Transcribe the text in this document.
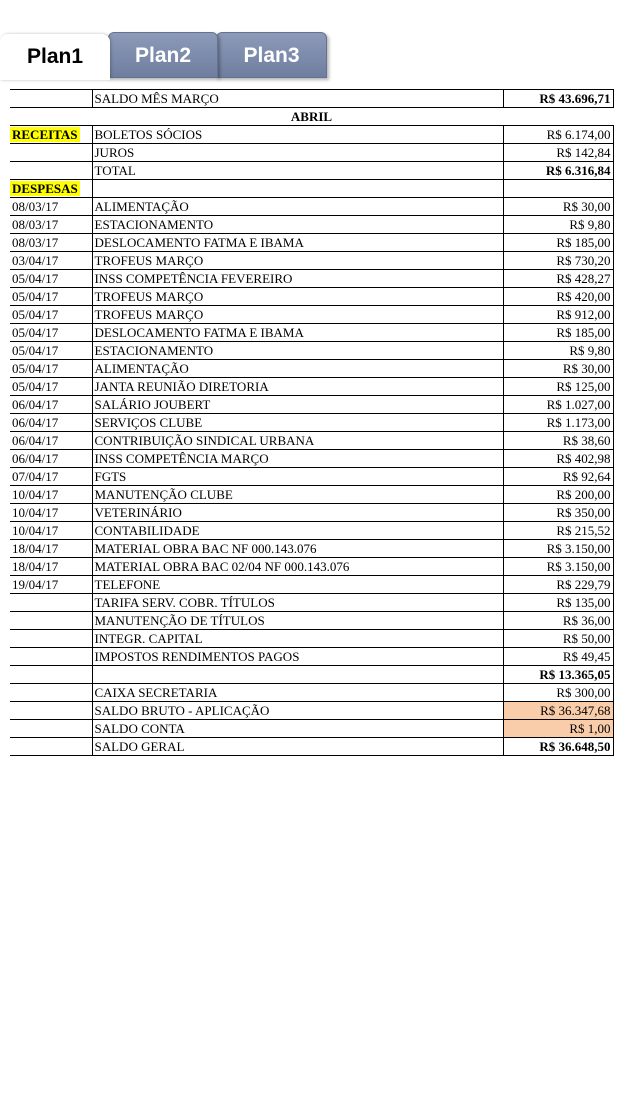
Plan1	Plan2	Plan3
	SALDO MÊS MARÇO	R$ 43.696,71
ABRIL		
RECEITAS	BOLETOS SÓCIOS	R$ 6.174,00
	JUROS	R$ 142,84
	TOTAL	R$ 6.316,84
DESPESAS		
08/03/17	ALIMENTAÇÃO	R$ 30,00
08/03/17	ESTACIONAMENTO	R$ 9,80
08/03/17	DESLOCAMENTO FATMA E IBAMA	R$ 185,00
03/04/17	TROFEUS MARÇO	R$ 730,20
05/04/17	INSS COMPETÊNCIA FEVEREIRO	R$ 428,27
05/04/17	TROFEUS MARÇO	R$ 420,00
05/04/17	TROFEUS MARÇO	R$ 912,00
05/04/17	DESLOCAMENTO FATMA E IBAMA	R$ 185,00
05/04/17	ESTACIONAMENTO	R$ 9,80
05/04/17	ALIMENTAÇÃO	R$ 30,00
05/04/17	JANTA REUNIÃO DIRETORIA	R$ 125,00
06/04/17	SALÁRIO JOUBERT	R$ 1.027,00
06/04/17	SERVIÇOS CLUBE	R$ 1.173,00
06/04/17	CONTRIBUIÇÃO SINDICAL URBANA	R$ 38,60
06/04/17	INSS COMPETÊNCIA MARÇO	R$ 402,98
07/04/17	FGTS	R$ 92,64
10/04/17	MANUTENÇÃO CLUBE	R$ 200,00
10/04/17	VETERINÁRIO	R$ 350,00
10/04/17	CONTABILIDADE	R$ 215,52
18/04/17	MATERIAL OBRA BAC NF 000.143.076	R$ 3.150,00
18/04/17	MATERIAL OBRA BAC 02/04 NF 000.143.076	R$ 3.150,00
19/04/17	TELEFONE	R$ 229,79
	TARIFA SERV. COBR. TÍTULOS	R$ 135,00
	MANUTENÇÃO DE TÍTULOS	R$ 36,00
	INTEGR. CAPITAL	R$ 50,00
	IMPOSTOS RENDIMENTOS PAGOS	R$ 49,45
		R$ 13.365,05
	CAIXA SECRETARIA	R$ 300,00
	SALDO BRUTO - APLICAÇÃO	R$ 36.347,68
	SALDO CONTA	R$ 1,00
	SALDO GERAL	R$ 36.648,50
